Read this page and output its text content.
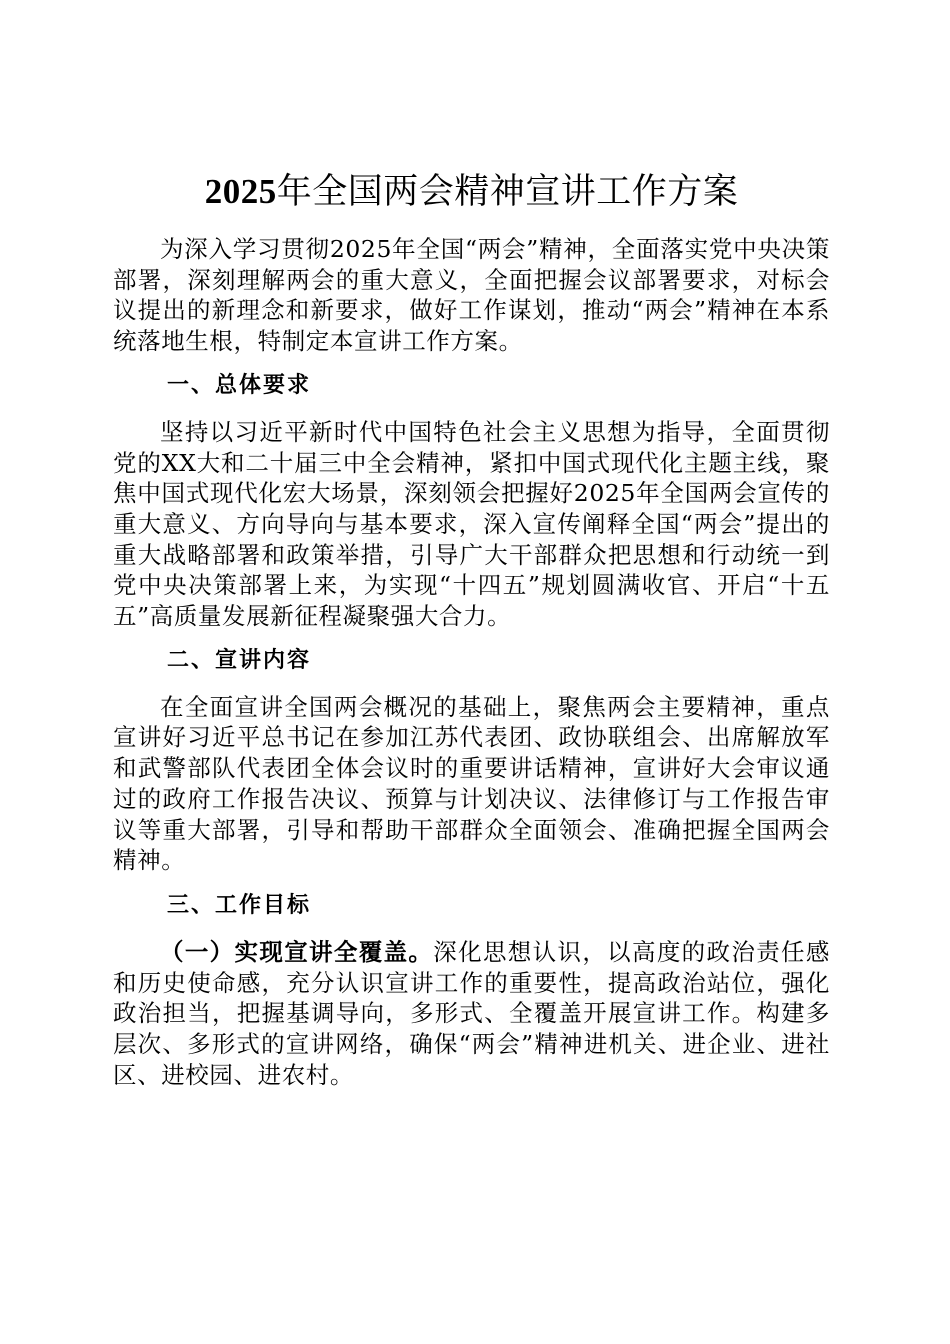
2025年全国两会精神宣讲工作方案

为深入学习贯彻2025年全国“两会”精神，全面落实党中央决策部署，深刻理解两会的重大意义，全面把握会议部署要求，对标会议提出的新理念和新要求，做好工作谋划，推动“两会”精神在本系统落地生根，特制定本宣讲工作方案。

一、总体要求

坚持以习近平新时代中国特色社会主义思想为指导，全面贯彻党的XX大和二十届三中全会精神，紧扣中国式现代化主题主线，聚焦中国式现代化宏大场景，深刻领会把握好2025年全国两会宣传的重大意义、方向导向与基本要求，深入宣传阐释全国“两会”提出的重大战略部署和政策举措，引导广大干部群众把思想和行动统一到党中央决策部署上来，为实现“十四五”规划圆满收官、开启“十五五”高质量发展新征程凝聚强大合力。

二、宣讲内容

在全面宣讲全国两会概况的基础上，聚焦两会主要精神，重点宣讲好习近平总书记在参加江苏代表团、政协联组会、出席解放军和武警部队代表团全体会议时的重要讲话精神，宣讲好大会审议通过的政府工作报告决议、预算与计划决议、法律修订与工作报告审议等重大部署，引导和帮助干部群众全面领会、准确把握全国两会精神。

三、工作目标

（一）实现宣讲全覆盖。深化思想认识，以高度的政治责任感和历史使命感，充分认识宣讲工作的重要性，提高政治站位，强化政治担当，把握基调导向，多形式、全覆盖开展宣讲工作。构建多层次、多形式的宣讲网络，确保“两会”精神进机关、进企业、进社区、进校园、进农村。
